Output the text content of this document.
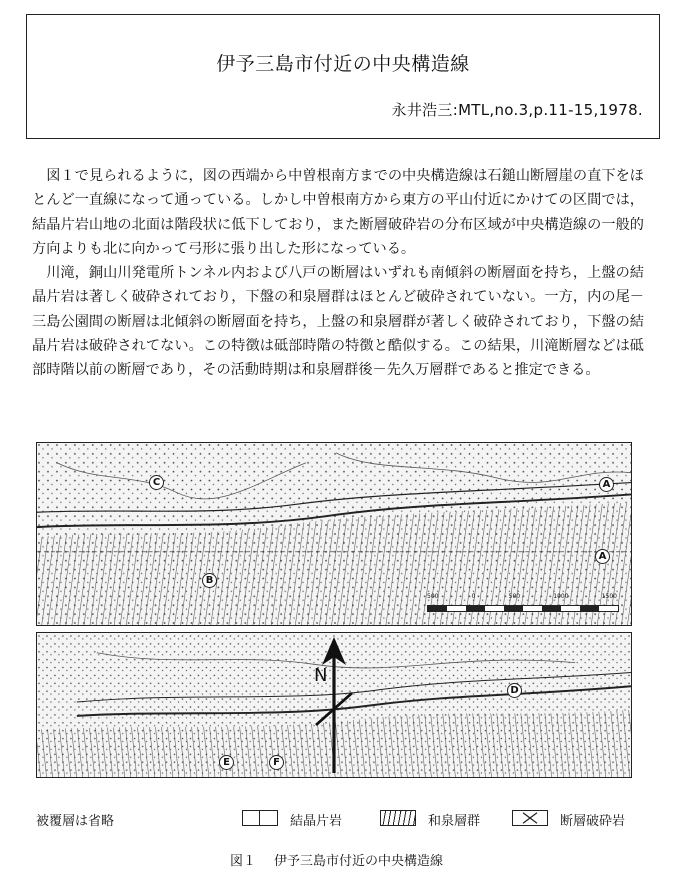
伊予三島市付近の中央構造線
永井浩三:MTL,no.3,p.11-15,1978.

図１で見られるように，図の西端から中曽根南方までの中央構造線は石鎚山断層崖の直下をほとんど一直線になって通っている。しかし中曽根南方から東方の平山付近にかけての区間では，結晶片岩山地の北面は階段状に低下しており，また断層破砕岩の分布区域が中央構造線の一般的方向よりも北に向かって弓形に張り出した形になっている。

川滝，銅山川発電所トンネル内および八戸の断層はいずれも南傾斜の断層面を持ち，上盤の結晶片岩は著しく破砕されており，下盤の和泉層群はほとんど破砕されていない。一方，内の尾－三島公園間の断層は北傾斜の断層面を持ち，上盤の和泉層群が著しく破砕されており，下盤の結晶片岩は破砕されてない。この特徴は砥部時階の特徴と酷似する。この結果，川滝断層などは砥部時階以前の断層であり，その活動時期は和泉層群後－先久万層群であると推定できる。

C
B
A
A
500	0	500	1000	1500
N
D
E	F
被覆層は省略	結晶片岩	和泉層群	断層破砕岩
図１ 伊予三島市付近の中央構造線
